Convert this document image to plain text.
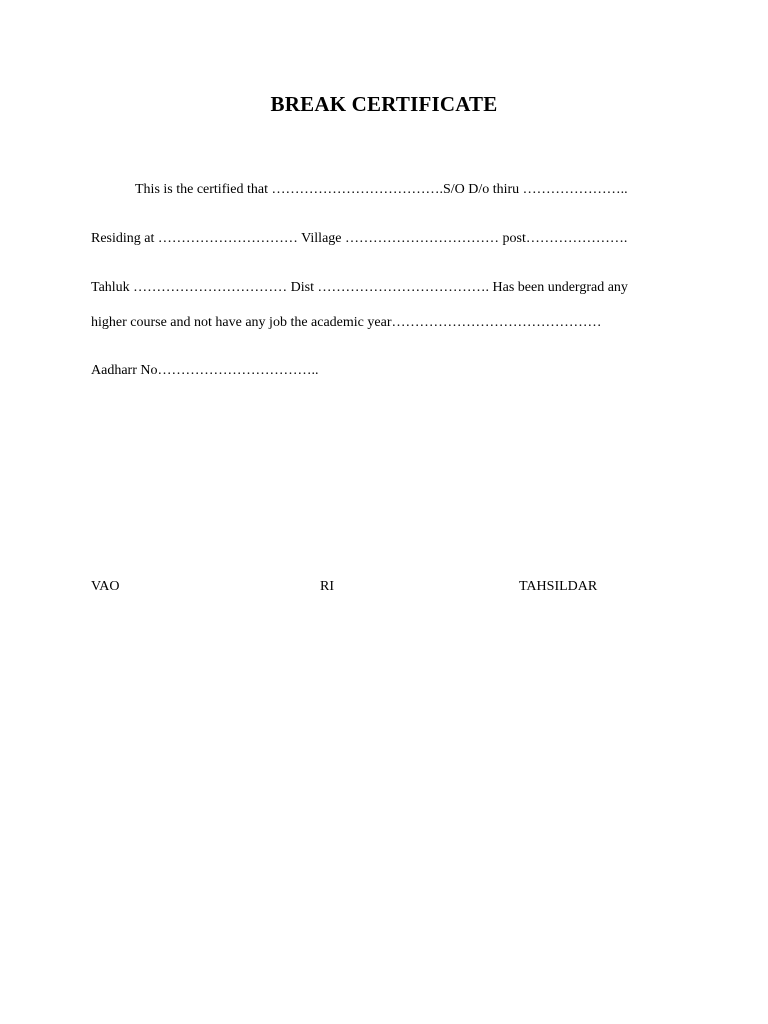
BREAK CERTIFICATE
This is the certified that ……………………………….S/O D/o thiru …………………..
Residing at ………………………… Village …………………………… post………………….
Tahluk …………………………… Dist ………………………………. Has been undergrad any
higher course and not have any job the academic year………………………………………
Aadharr No……………………………..
VAO	RI	TAHSILDAR
